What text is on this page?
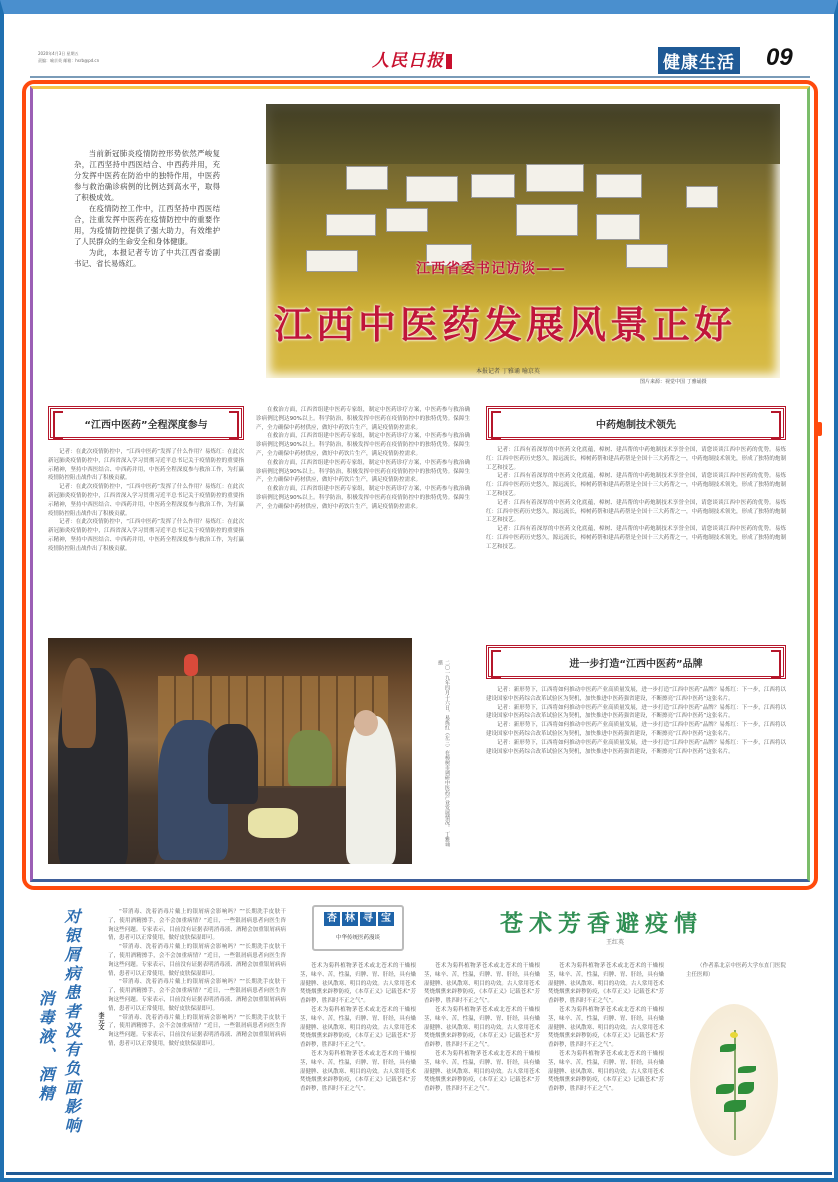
2020年4月3日 星期五
责编：喻京英 邮箱：hsrb@pd.cn	人民日报	健康生活 09

当前新冠肺炎疫情防控形势依然严峻复杂，江西坚持中西医结合、中西药并用，充分发挥中医药在防治中的独特作用，中医药参与救治确诊病例的比例达到高水平，取得了积极成效。

在疫情防控工作中，江西坚持中西医结合，注重发挥中医药在疫情防控中的重要作用，为疫情防控提供了强大助力，有效维护了人民群众的生命安全和身体健康。

为此，本报记者专访了中共江西省委副书记、省长易炼红。	江西省委书记访谈——
江西中医药发展风景正好
本报记者 丁雅诵 喻京英
图片来源：视觉中国 丁雅诵摄
“江西中医药”全程深度参与	中药炮制技术领先
进一步打造“江西中医药”品牌

记者：在此次疫情防控中，“江西中医药”发挥了什么作用？易炼红：在此次新冠肺炎疫情防控中，江西省深入学习贯彻习近平总书记关于疫情防控的重要指示精神，坚持中西医结合、中西药并用，中医药全程深度参与救治工作，为打赢疫情防控阻击战作出了积极贡献。

记者：在此次疫情防控中，“江西中医药”发挥了什么作用？易炼红：在此次新冠肺炎疫情防控中，江西省深入学习贯彻习近平总书记关于疫情防控的重要指示精神，坚持中西医结合、中西药并用，中医药全程深度参与救治工作，为打赢疫情防控阻击战作出了积极贡献。

记者：在此次疫情防控中，“江西中医药”发挥了什么作用？易炼红：在此次新冠肺炎疫情防控中，江西省深入学习贯彻习近平总书记关于疫情防控的重要指示精神，坚持中西医结合、中西药并用，中医药全程深度参与救治工作，为打赢疫情防控阻击战作出了积极贡献。

在救治方面，江西省组建中医药专家组，制定中医药诊疗方案，中医药参与救治确诊病例比例达90%以上。科学防治，积极发挥中医药在疫情防控中的独特优势。保障生产，全力确保中药材供应，做好中药饮片生产，满足疫情防控需求。

在救治方面，江西省组建中医药专家组，制定中医药诊疗方案，中医药参与救治确诊病例比例达90%以上。科学防治，积极发挥中医药在疫情防控中的独特优势。保障生产，全力确保中药材供应，做好中药饮片生产，满足疫情防控需求。

在救治方面，江西省组建中医药专家组，制定中医药诊疗方案，中医药参与救治确诊病例比例达90%以上。科学防治，积极发挥中医药在疫情防控中的独特优势。保障生产，全力确保中药材供应，做好中药饮片生产，满足疫情防控需求。

在救治方面，江西省组建中医药专家组，制定中医药诊疗方案，中医药参与救治确诊病例比例达90%以上。科学防治，积极发挥中医药在疫情防控中的独特优势。保障生产，全力确保中药材供应，做好中药饮片生产，满足疫情防控需求。

记者：江西有着深厚的中医药文化底蕴，樟树、建昌帮的中药炮制技术享誉全国，请您谈谈江西中医药的优势。易炼红：江西中医药历史悠久，源远流长，樟树药帮和建昌药帮是全国十三大药帮之一，中药炮制技术领先，形成了独特的炮制工艺和技艺。

记者：江西有着深厚的中医药文化底蕴，樟树、建昌帮的中药炮制技术享誉全国，请您谈谈江西中医药的优势。易炼红：江西中医药历史悠久，源远流长，樟树药帮和建昌药帮是全国十三大药帮之一，中药炮制技术领先，形成了独特的炮制工艺和技艺。

记者：江西有着深厚的中医药文化底蕴，樟树、建昌帮的中药炮制技术享誉全国，请您谈谈江西中医药的优势。易炼红：江西中医药历史悠久，源远流长，樟树药帮和建昌药帮是全国十三大药帮之一，中药炮制技术领先，形成了独特的炮制工艺和技艺。

记者：江西有着深厚的中医药文化底蕴，樟树、建昌帮的中药炮制技术享誉全国，请您谈谈江西中医药的优势。易炼红：江西中医药历史悠久，源远流长，樟树药帮和建昌药帮是全国十三大药帮之一，中药炮制技术领先，形成了独特的炮制工艺和技艺。

记者：新形势下，江西将如何推动中医药产业高质量发展，进一步打造“江西中医药”品牌？易炼红：下一步，江西将以建设国家中医药综合改革试验区为契机，加快推进中医药强省建设，不断擦亮“江西中医药”这张名片。

记者：新形势下，江西将如何推动中医药产业高质量发展，进一步打造“江西中医药”品牌？易炼红：下一步，江西将以建设国家中医药综合改革试验区为契机，加快推进中医药强省建设，不断擦亮“江西中医药”这张名片。

记者：新形势下，江西将如何推动中医药产业高质量发展，进一步打造“江西中医药”品牌？易炼红：下一步，江西将以建设国家中医药综合改革试验区为契机，加快推进中医药强省建设，不断擦亮“江西中医药”这张名片。

记者：新形势下，江西将如何推动中医药产业高质量发展，进一步打造“江西中医药”品牌？易炼红：下一步，江西将以建设国家中医药综合改革试验区为契机，加快推进中医药强省建设，不断擦亮“江西中医药”这张名片。

二〇一九年四月十六日，易炼红（左三）在樟树市调研中医药产业发展情况。 丁雅诵摄
对银屑病患者没有负面影响
消毒液、酒精	李元文

“带消毒、洗着消毒片戴上的银屑病会影响吗？”“长期洗手皮肤干了，使用酒精擦手，会不会加重病情？”近日，一些银屑病患者向医生咨询这些问题。专家表示，目前没有证据表明消毒液、酒精会加重银屑病病情，患者可以正常使用，做好皮肤保湿即可。

“带消毒、洗着消毒片戴上的银屑病会影响吗？”“长期洗手皮肤干了，使用酒精擦手，会不会加重病情？”近日，一些银屑病患者向医生咨询这些问题。专家表示，目前没有证据表明消毒液、酒精会加重银屑病病情，患者可以正常使用，做好皮肤保湿即可。

“带消毒、洗着消毒片戴上的银屑病会影响吗？”“长期洗手皮肤干了，使用酒精擦手，会不会加重病情？”近日，一些银屑病患者向医生咨询这些问题。专家表示，目前没有证据表明消毒液、酒精会加重银屑病病情，患者可以正常使用，做好皮肤保湿即可。

“带消毒、洗着消毒片戴上的银屑病会影响吗？”“长期洗手皮肤干了，使用酒精擦手，会不会加重病情？”近日，一些银屑病患者向医生咨询这些问题。专家表示，目前没有证据表明消毒液、酒精会加重银屑病病情，患者可以正常使用，做好皮肤保湿即可。

杏 林 寻 宝
中华传统医药漫谈
苍术芳香避疫情
王红英

苍术为菊科植物茅苍术或北苍术的干燥根茎，味辛、苦，性温，归脾、胃、肝经，具有燥湿健脾、祛风散寒、明目的功效。古人常用苍术焚烧烟熏来辟秽防疫，《本草正义》记载苍术“芳香辟秽，胜四时不正之气”。

苍术为菊科植物茅苍术或北苍术的干燥根茎，味辛、苦，性温，归脾、胃、肝经，具有燥湿健脾、祛风散寒、明目的功效。古人常用苍术焚烧烟熏来辟秽防疫，《本草正义》记载苍术“芳香辟秽，胜四时不正之气”。

苍术为菊科植物茅苍术或北苍术的干燥根茎，味辛、苦，性温，归脾、胃、肝经，具有燥湿健脾、祛风散寒、明目的功效。古人常用苍术焚烧烟熏来辟秽防疫，《本草正义》记载苍术“芳香辟秽，胜四时不正之气”。

苍术为菊科植物茅苍术或北苍术的干燥根茎，味辛、苦，性温，归脾、胃、肝经，具有燥湿健脾、祛风散寒、明目的功效。古人常用苍术焚烧烟熏来辟秽防疫，《本草正义》记载苍术“芳香辟秽，胜四时不正之气”。

苍术为菊科植物茅苍术或北苍术的干燥根茎，味辛、苦，性温，归脾、胃、肝经，具有燥湿健脾、祛风散寒、明目的功效。古人常用苍术焚烧烟熏来辟秽防疫，《本草正义》记载苍术“芳香辟秽，胜四时不正之气”。

苍术为菊科植物茅苍术或北苍术的干燥根茎，味辛、苦，性温，归脾、胃、肝经，具有燥湿健脾、祛风散寒、明目的功效。古人常用苍术焚烧烟熏来辟秽防疫，《本草正义》记载苍术“芳香辟秽，胜四时不正之气”。

苍术为菊科植物茅苍术或北苍术的干燥根茎，味辛、苦，性温，归脾、胃、肝经，具有燥湿健脾、祛风散寒、明目的功效。古人常用苍术焚烧烟熏来辟秽防疫，《本草正义》记载苍术“芳香辟秽，胜四时不正之气”。

苍术为菊科植物茅苍术或北苍术的干燥根茎，味辛、苦，性温，归脾、胃、肝经，具有燥湿健脾、祛风散寒、明目的功效。古人常用苍术焚烧烟熏来辟秽防疫，《本草正义》记载苍术“芳香辟秽，胜四时不正之气”。

苍术为菊科植物茅苍术或北苍术的干燥根茎，味辛、苦，性温，归脾、胃、肝经，具有燥湿健脾、祛风散寒、明目的功效。古人常用苍术焚烧烟熏来辟秽防疫，《本草正义》记载苍术“芳香辟秽，胜四时不正之气”。

（作者系北京中医药大学东直门医院主任医师）
